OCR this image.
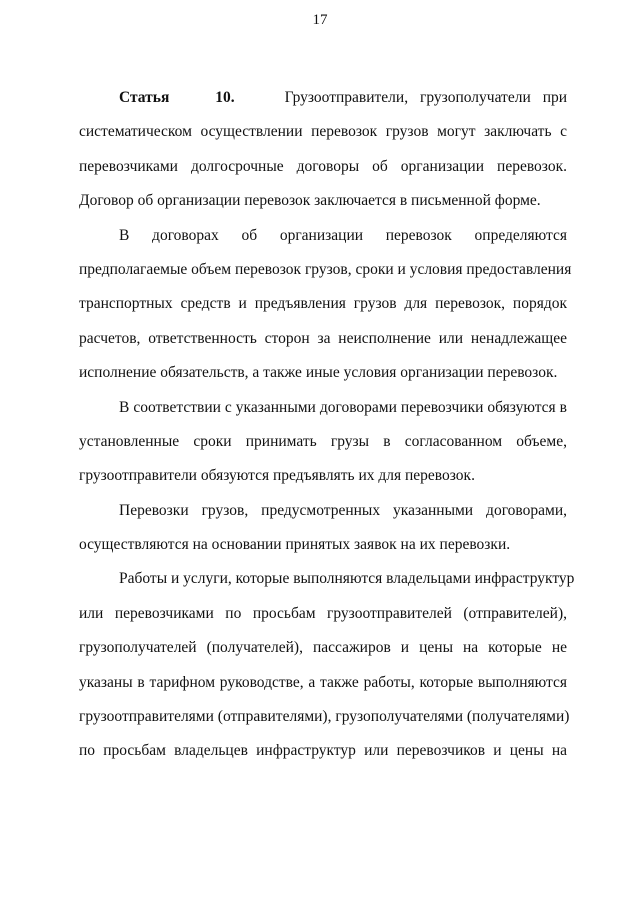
17
Статья	10.	Грузоотправители, грузополучатели при
систематическом осуществлении перевозок грузов могут заключать с
перевозчиками долгосрочные договоры об организации перевозок.
Договор об организации перевозок заключается в письменной форме.
В договорах об организации перевозок определяются
предполагаемые объем перевозок грузов, сроки и условия предоставления
транспортных средств и предъявления грузов для перевозок, порядок
расчетов, ответственность сторон за неисполнение или ненадлежащее
исполнение обязательств, а также иные условия организации перевозок.
В соответствии с указанными договорами перевозчики обязуются в
установленные сроки принимать грузы в согласованном объеме,
грузоотправители обязуются предъявлять их для перевозок.
Перевозки грузов, предусмотренных указанными договорами,
осуществляются на основании принятых заявок на их перевозки.
Работы и услуги, которые выполняются владельцами инфраструктур
или перевозчиками по просьбам грузоотправителей (отправителей),
грузополучателей (получателей), пассажиров и цены на которые не
указаны в тарифном руководстве, а также работы, которые выполняются
грузоотправителями (отправителями), грузополучателями (получателями)
по просьбам владельцев инфраструктур или перевозчиков и цены на
